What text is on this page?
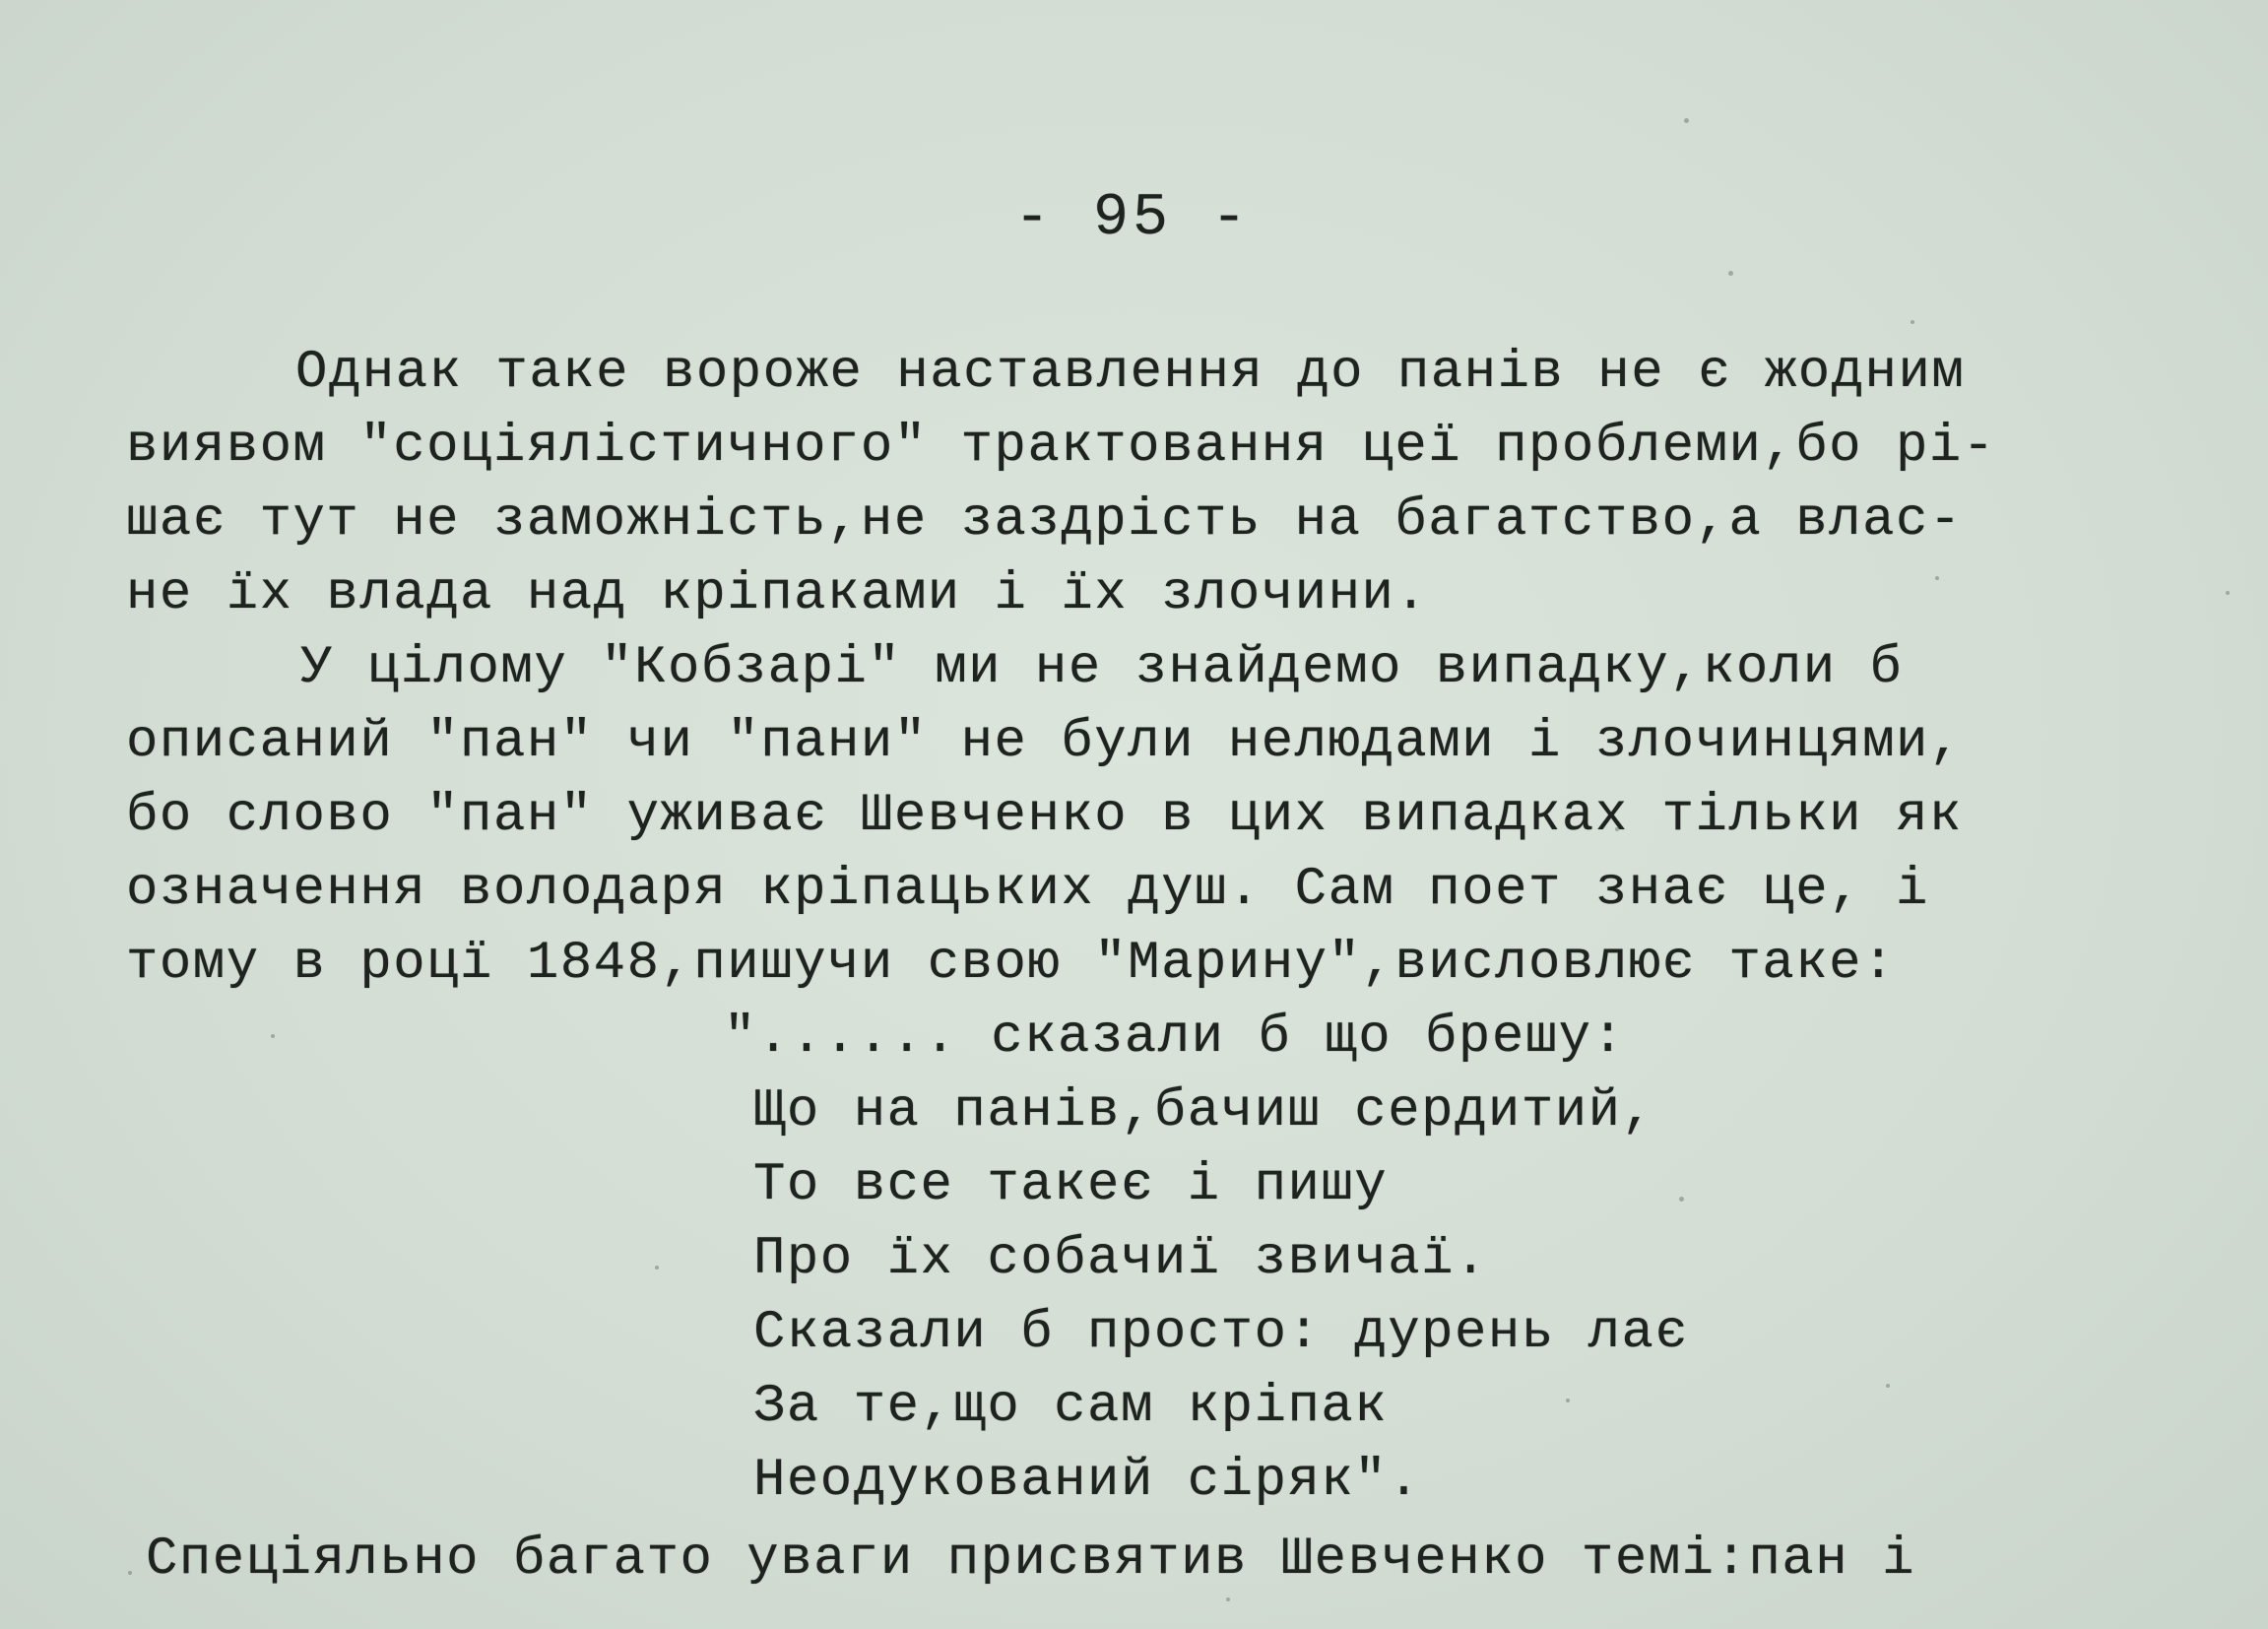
- 95 -

Однак таке вороже наставлення до панів не є жодним

виявом "соціялістичного" трактовання цеї проблеми,бо рі-

шає тут не заможність,не заздрість на багатство,а влас-

не їх влада над кріпаками і їх злочини.

У цілому "Кобзарі" ми не знайдемо випадку,коли б

описаний "пан" чи "пани" не були нелюдами і злочинцями,

бо слово "пан" уживає Шевченко в цих випадках тільки як

означення володаря кріпацьких душ. Сам поет знає це, і

тому в роцї 1848,пишучи свою "Марину",висловлює таке:

"...... сказали б що брешу:

Що на панів,бачиш сердитий,

То все такеє і пишу

Про їх собачиї звичаї.

Сказали б просто: дурень лає

За те,що сам кріпак

Неодукований сіряк".

Спеціяльно багато уваги присвятив Шевченко темі:пан і
